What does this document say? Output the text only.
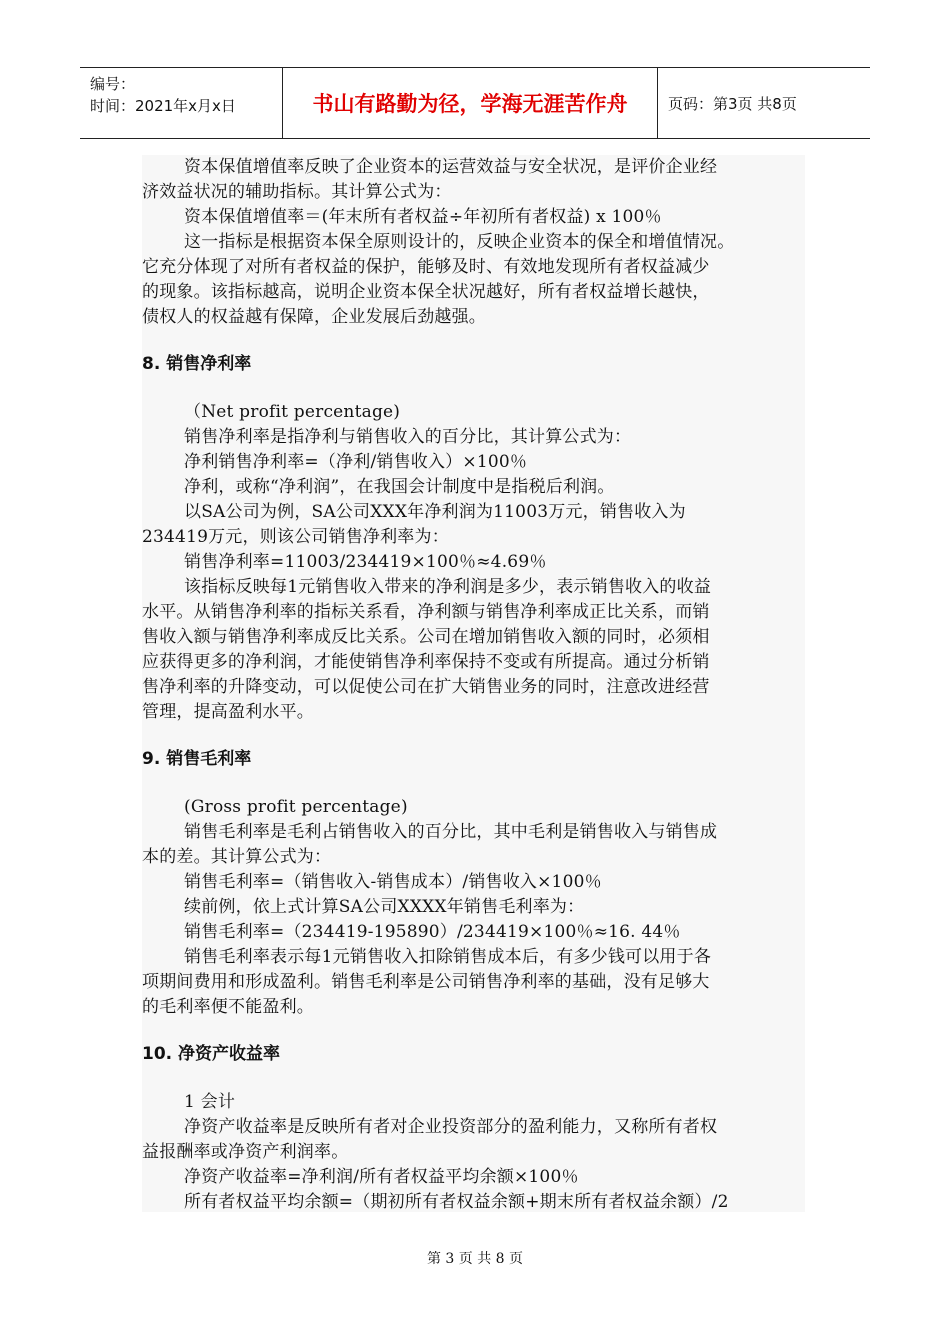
编号：
时间：2021年x月x日	书山有路勤为径，学海无涯苦作舟	页码：第3页 共8页
资本保值增值率反映了企业资本的运营效益与安全状况，是评价企业经
济效益状况的辅助指标。其计算公式为：
资本保值增值率＝(年末所有者权益÷年初所有者权益) x 100％
这一指标是根据资本保全原则设计的，反映企业资本的保全和增值情况。
它充分体现了对所有者权益的保护，能够及时、有效地发现所有者权益减少
的现象。该指标越高，说明企业资本保全状况越好，所有者权益增长越快，
债权人的权益越有保障，企业发展后劲越强。
8. 销售净利率
（Net profit percentage)
销售净利率是指净利与销售收入的百分比，其计算公式为：
净利销售净利率=（净利/销售收入）×100％
净利，或称“净利润”，在我国会计制度中是指税后利润。
以SA公司为例，SA公司XXX年净利润为11003万元，销售收入为
234419万元，则该公司销售净利率为：
销售净利率=11003/234419×100％≈4.69％
该指标反映每1元销售收入带来的净利润是多少，表示销售收入的收益
水平。从销售净利率的指标关系看，净利额与销售净利率成正比关系，而销
售收入额与销售净利率成反比关系。公司在增加销售收入额的同时，必须相
应获得更多的净利润，才能使销售净利率保持不变或有所提高。通过分析销
售净利率的升降变动，可以促使公司在扩大销售业务的同时，注意改进经营
管理，提高盈利水平。
9. 销售毛利率
(Gross profit percentage)
销售毛利率是毛利占销售收入的百分比，其中毛利是销售收入与销售成
本的差。其计算公式为：
销售毛利率=（销售收入-销售成本）/销售收入×100％
续前例，依上式计算SA公司XXXX年销售毛利率为：
销售毛利率=（234419-195890）/234419×100％≈16. 44％
销售毛利率表示每1元销售收入扣除销售成本后，有多少钱可以用于各
项期间费用和形成盈利。销售毛利率是公司销售净利率的基础，没有足够大
的毛利率便不能盈利。
10. 净资产收益率
1 会计
净资产收益率是反映所有者对企业投资部分的盈利能力，又称所有者权
益报酬率或净资产利润率。
净资产收益率=净利润/所有者权益平均余额×100％
所有者权益平均余额=（期初所有者权益余额+期末所有者权益余额）/2
第 3 页 共 8 页
